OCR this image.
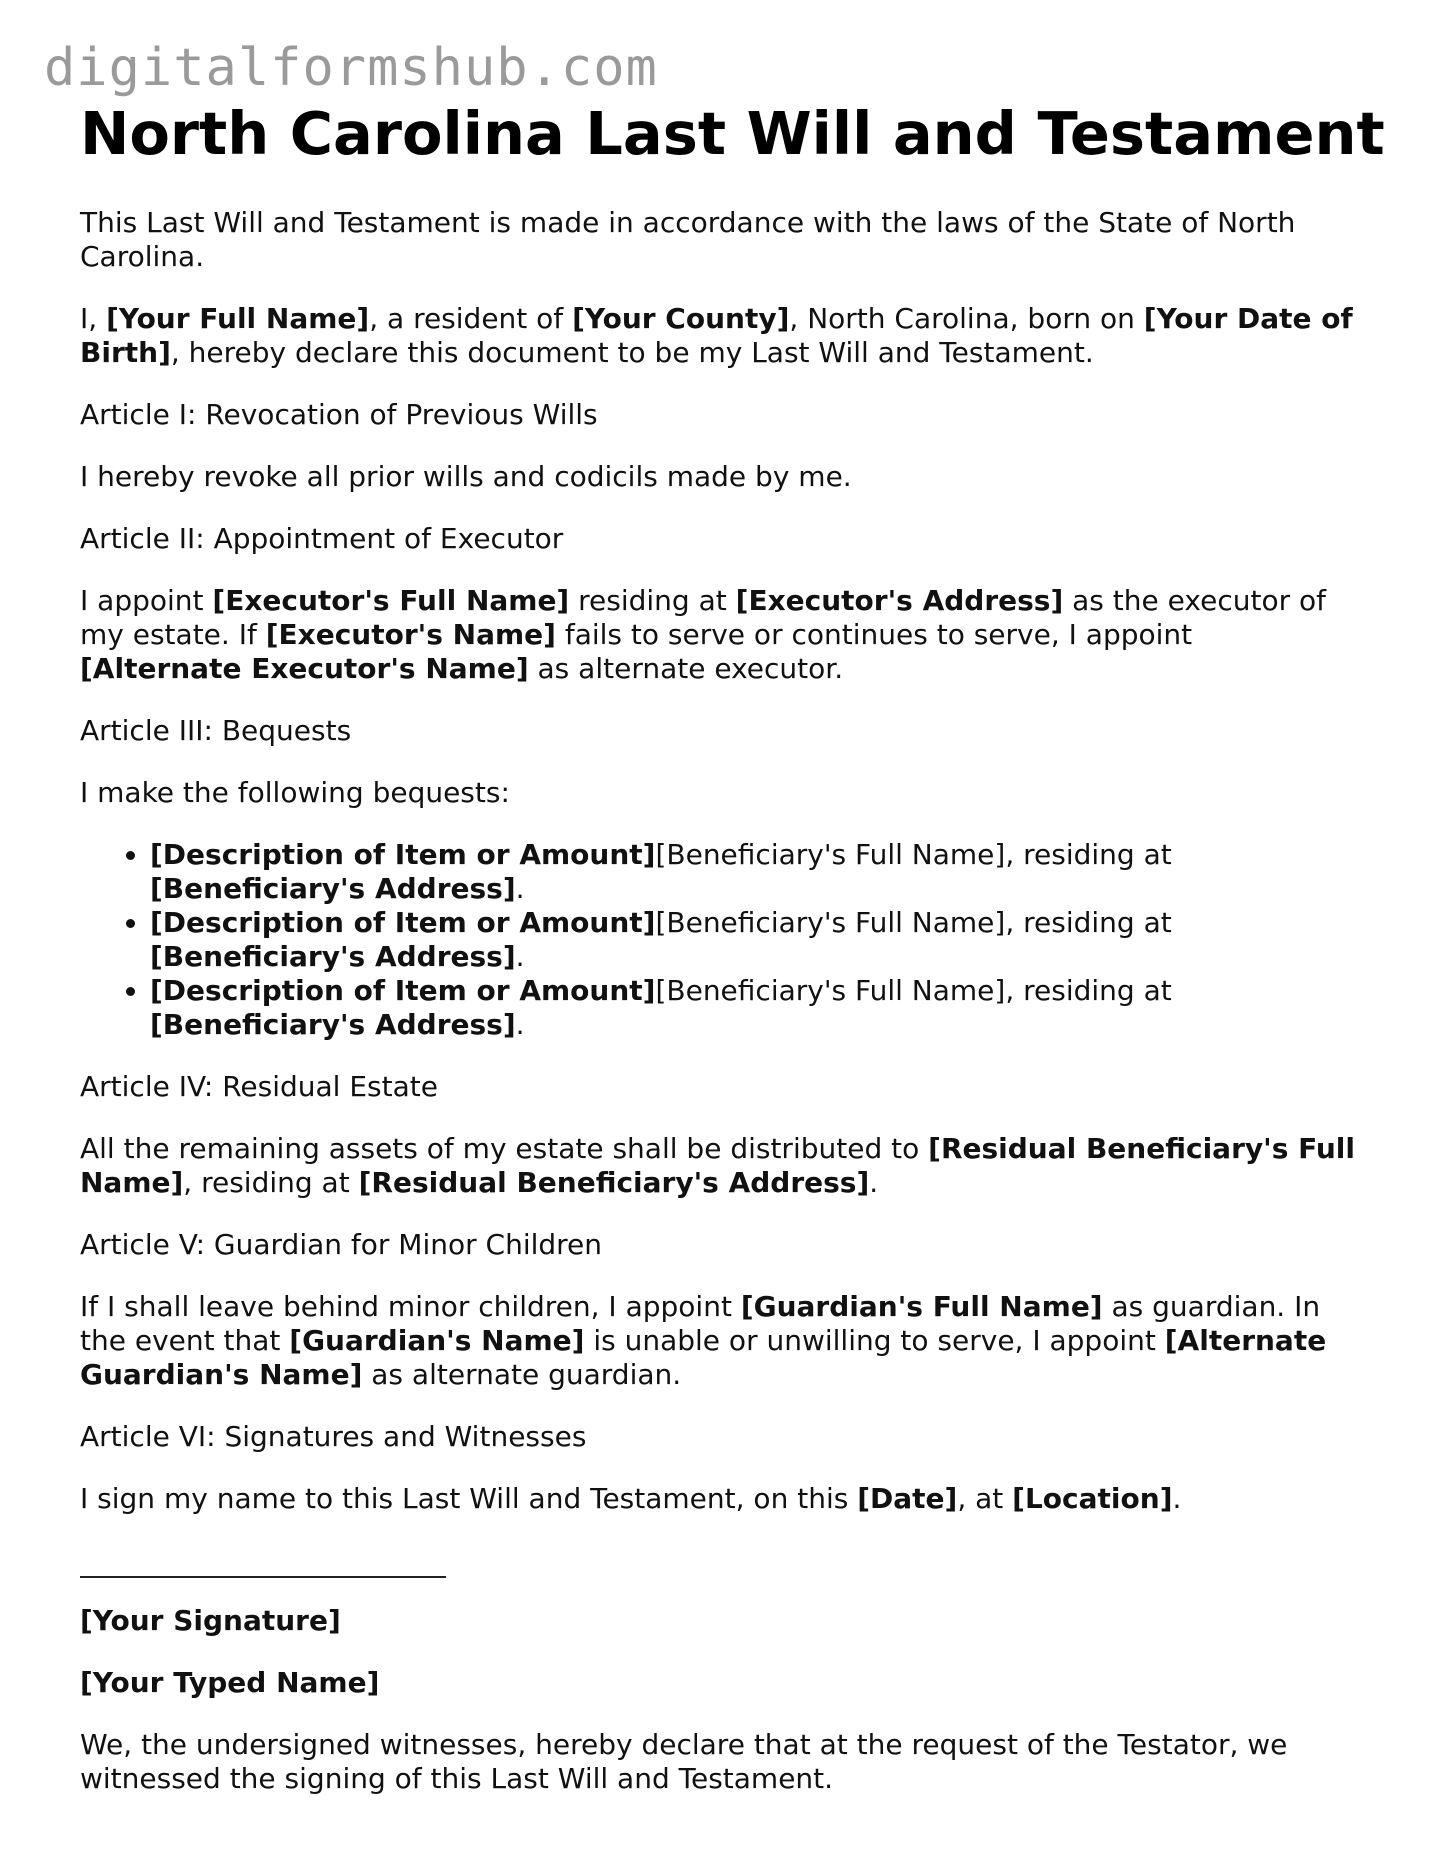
digitalformshub.com
North Carolina Last Will and Testament

This Last Will and Testament is made in accordance with the laws of the State of North Carolina.

I, [Your Full Name], a resident of [Your County], North Carolina, born on [Your Date of Birth], hereby declare this document to be my Last Will and Testament.

Article I: Revocation of Previous Wills

I hereby revoke all prior wills and codicils made by me.

Article II: Appointment of Executor

I appoint [Executor's Full Name] residing at [Executor's Address] as the executor of my estate. If [Executor's Name] fails to serve or continues to serve, I appoint [Alternate Executor's Name] as alternate executor.

Article III: Bequests

I make the following bequests:

• [Description of Item or Amount][Beneficiary's Full Name], residing at [Beneficiary's Address].
• [Description of Item or Amount][Beneficiary's Full Name], residing at [Beneficiary's Address].
• [Description of Item or Amount][Beneficiary's Full Name], residing at [Beneficiary's Address].

Article IV: Residual Estate

All the remaining assets of my estate shall be distributed to [Residual Beneficiary's Full Name], residing at [Residual Beneficiary's Address].

Article V: Guardian for Minor Children

If I shall leave behind minor children, I appoint [Guardian's Full Name] as guardian. In the event that [Guardian's Name] is unable or unwilling to serve, I appoint [Alternate Guardian's Name] as alternate guardian.

Article VI: Signatures and Witnesses

I sign my name to this Last Will and Testament, on this [Date], at [Location].

[Your Signature]

[Your Typed Name]

We, the undersigned witnesses, hereby declare that at the request of the Testator, we witnessed the signing of this Last Will and Testament.
